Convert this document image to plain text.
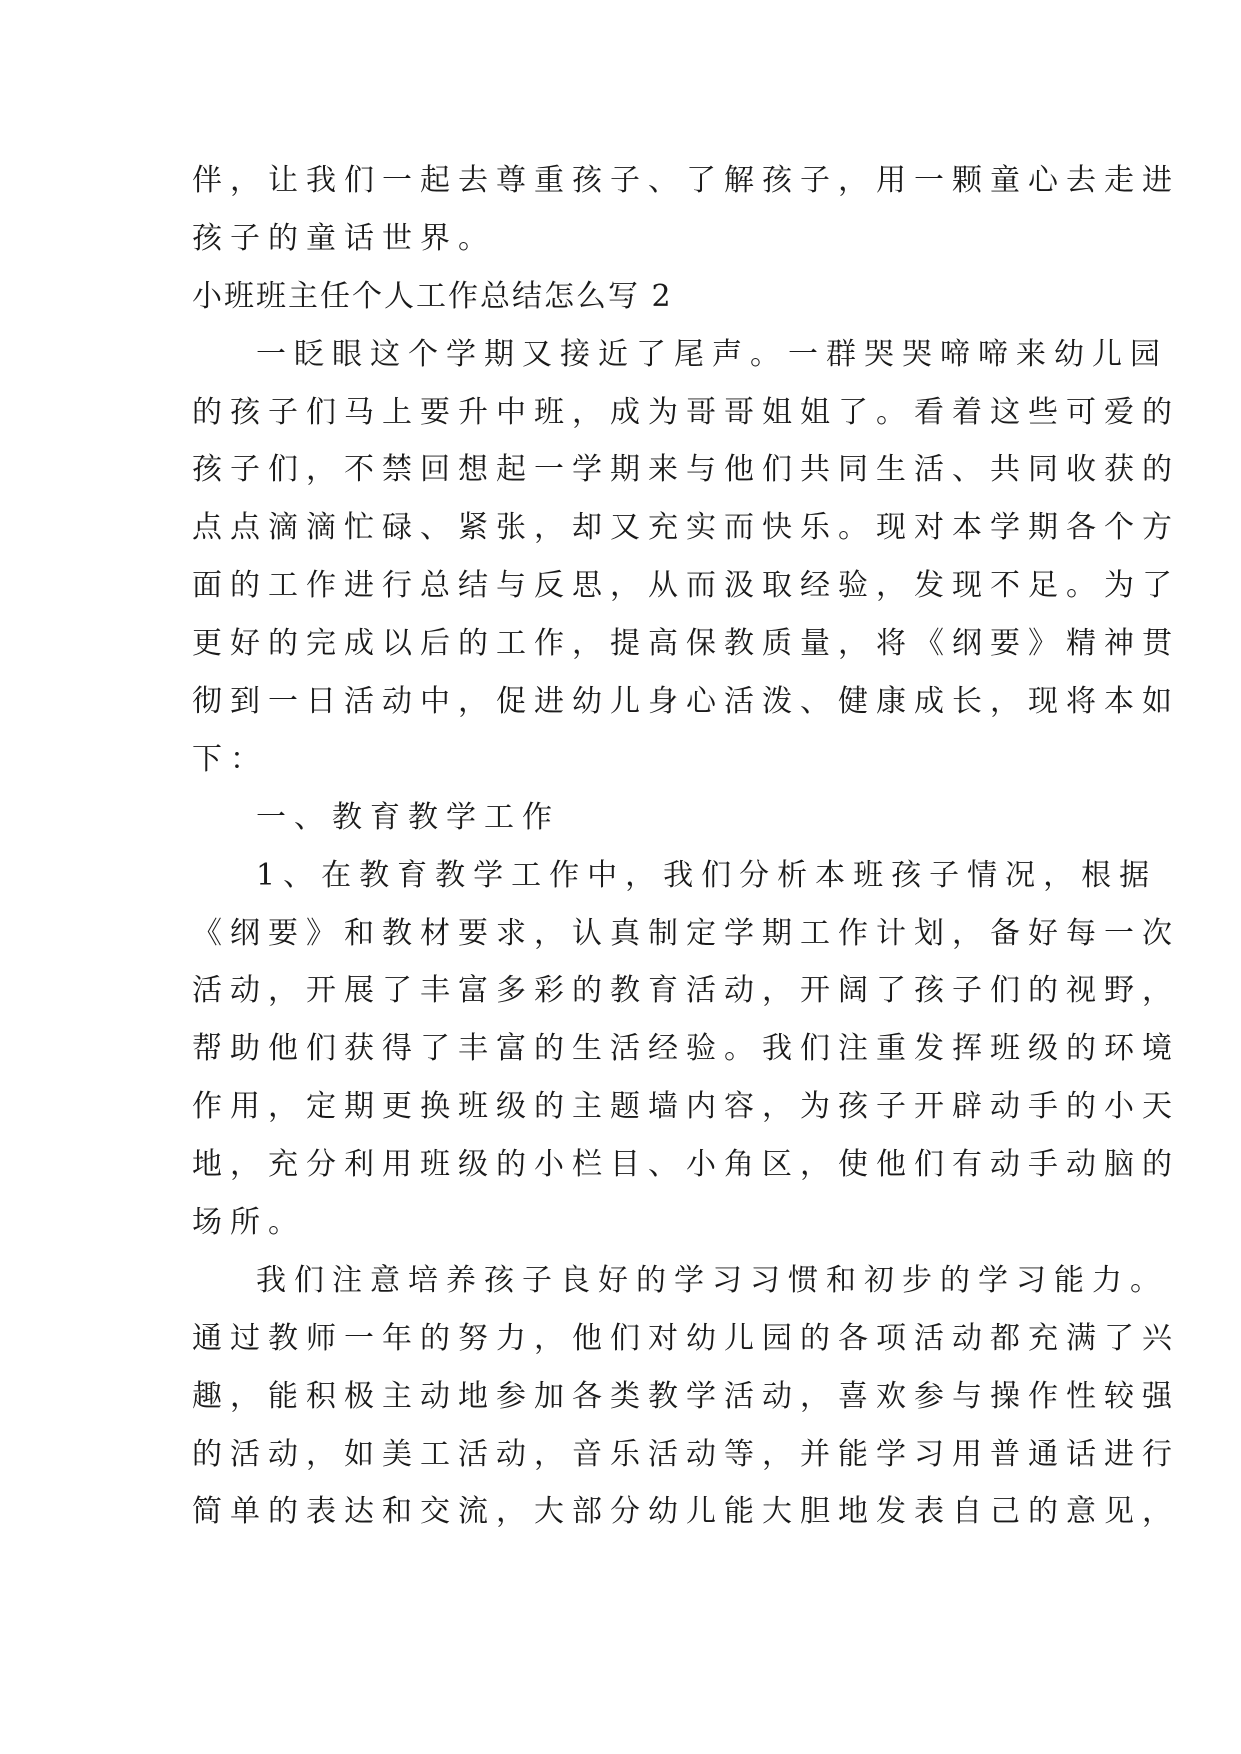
伴，让我们一起去尊重孩子、了解孩子，用一颗童心去走进
孩子的童话世界。
小班班主任个人工作总结怎么写 2
一眨眼这个学期又接近了尾声。一群哭哭啼啼来幼儿园
的孩子们马上要升中班，成为哥哥姐姐了。看着这些可爱的
孩子们，不禁回想起一学期来与他们共同生活、共同收获的
点点滴滴忙碌、紧张，却又充实而快乐。现对本学期各个方
面的工作进行总结与反思，从而汲取经验，发现不足。为了
更好的完成以后的工作，提高保教质量，将《纲要》精神贯
彻到一日活动中，促进幼儿身心活泼、健康成长，现将本如
下：
一、教育教学工作
1、在教育教学工作中，我们分析本班孩子情况，根据
《纲要》和教材要求，认真制定学期工作计划，备好每一次
活动，开展了丰富多彩的教育活动，开阔了孩子们的视野，
帮助他们获得了丰富的生活经验。我们注重发挥班级的环境
作用，定期更换班级的主题墙内容，为孩子开辟动手的小天
地，充分利用班级的小栏目、小角区，使他们有动手动脑的
场所。
我们注意培养孩子良好的学习习惯和初步的学习能力。
通过教师一年的努力，他们对幼儿园的各项活动都充满了兴
趣，能积极主动地参加各类教学活动，喜欢参与操作性较强
的活动，如美工活动，音乐活动等，并能学习用普通话进行
简单的表达和交流，大部分幼儿能大胆地发表自己的意见，
